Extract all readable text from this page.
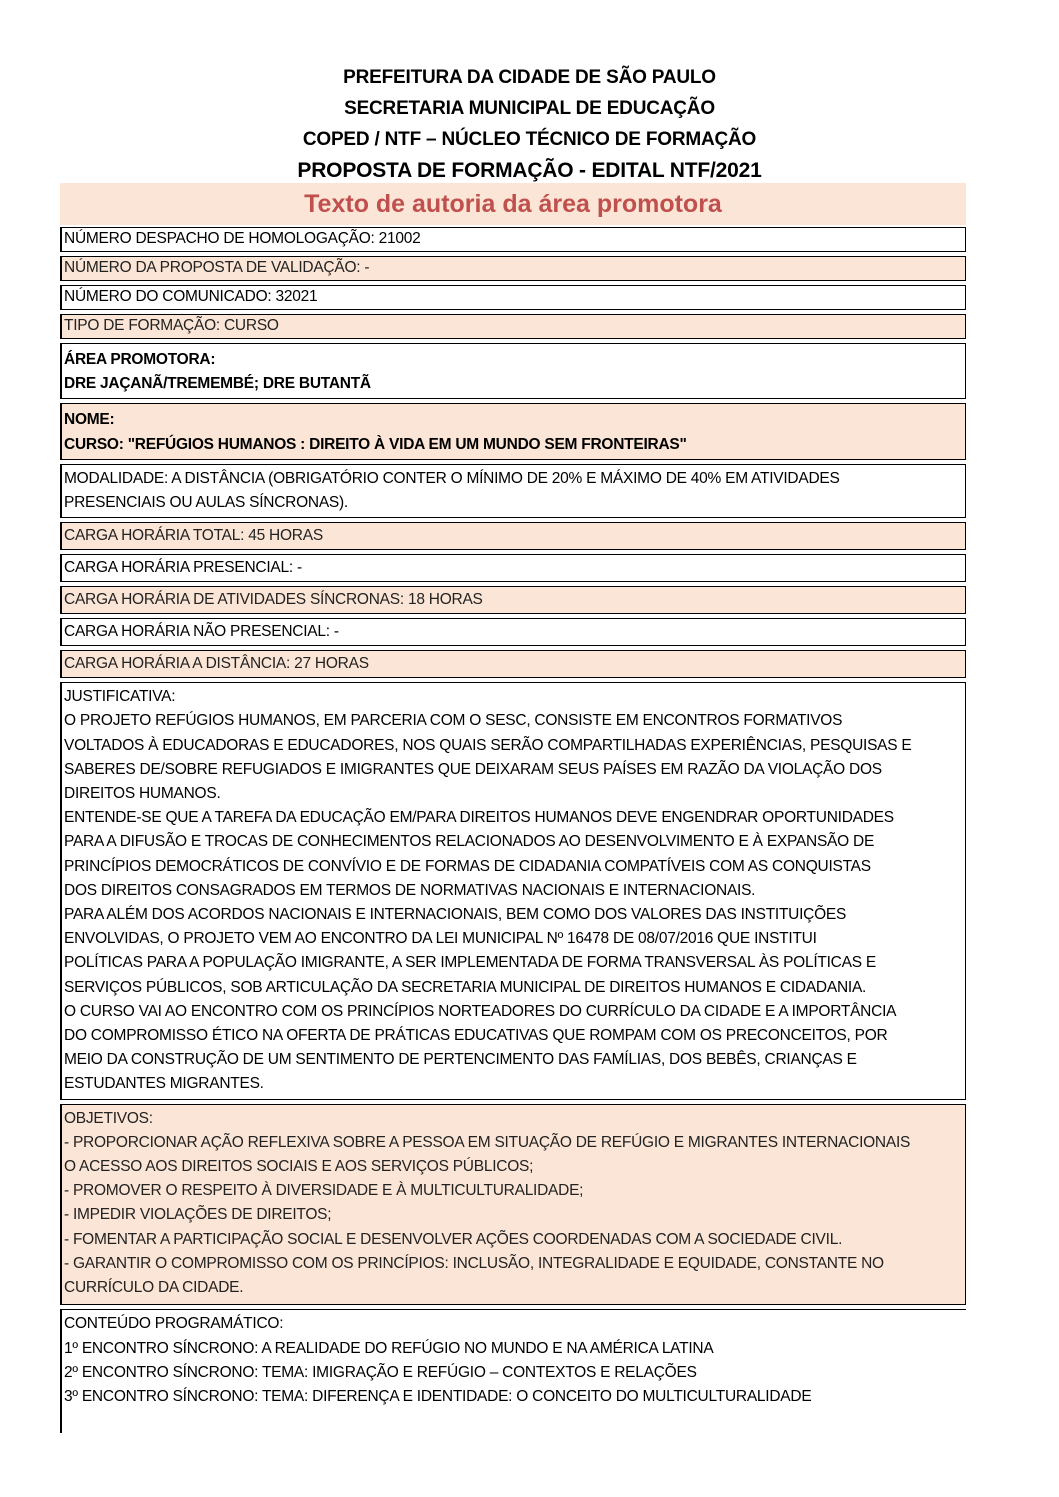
PREFEITURA DA CIDADE DE SÃO PAULO
SECRETARIA MUNICIPAL DE EDUCAÇÃO
COPED / NTF – NÚCLEO TÉCNICO DE FORMAÇÃO
PROPOSTA DE FORMAÇÃO - EDITAL NTF/2021
Texto de autoria da área promotora
NÚMERO DESPACHO DE HOMOLOGAÇÃO: 21002
NÚMERO DA PROPOSTA DE VALIDAÇÃO: -
NÚMERO DO COMUNICADO: 32021
TIPO DE FORMAÇÃO: CURSO
ÁREA PROMOTORA:
DRE JAÇANÃ/TREMEMBÉ; DRE BUTANTÃ
NOME:
CURSO: "REFÚGIOS HUMANOS : DIREITO À VIDA EM UM MUNDO SEM FRONTEIRAS"
MODALIDADE: A DISTÂNCIA (OBRIGATÓRIO CONTER O MÍNIMO DE 20% E MÁXIMO DE 40% EM ATIVIDADES
PRESENCIAIS OU AULAS SÍNCRONAS).
CARGA HORÁRIA TOTAL: 45 HORAS
CARGA HORÁRIA PRESENCIAL: -
CARGA HORÁRIA DE ATIVIDADES SÍNCRONAS: 18 HORAS
CARGA HORÁRIA NÃO PRESENCIAL: -
CARGA HORÁRIA A DISTÂNCIA: 27 HORAS
JUSTIFICATIVA:
O PROJETO REFÚGIOS HUMANOS, EM PARCERIA COM O SESC, CONSISTE EM ENCONTROS FORMATIVOS
VOLTADOS À EDUCADORAS E EDUCADORES, NOS QUAIS SERÃO COMPARTILHADAS EXPERIÊNCIAS, PESQUISAS E
SABERES DE/SOBRE REFUGIADOS E IMIGRANTES QUE DEIXARAM SEUS PAÍSES EM RAZÃO DA VIOLAÇÃO DOS
DIREITOS HUMANOS.
ENTENDE-SE QUE A TAREFA DA EDUCAÇÃO EM/PARA DIREITOS HUMANOS DEVE ENGENDRAR OPORTUNIDADES
PARA A DIFUSÃO E TROCAS DE CONHECIMENTOS RELACIONADOS AO DESENVOLVIMENTO E À EXPANSÃO DE
PRINCÍPIOS DEMOCRÁTICOS DE CONVÍVIO E DE FORMAS DE CIDADANIA COMPATÍVEIS COM AS CONQUISTAS
DOS DIREITOS CONSAGRADOS EM TERMOS DE NORMATIVAS NACIONAIS E INTERNACIONAIS.
PARA ALÉM DOS ACORDOS NACIONAIS E INTERNACIONAIS, BEM COMO DOS VALORES DAS INSTITUIÇÕES
ENVOLVIDAS, O PROJETO VEM AO ENCONTRO DA LEI MUNICIPAL Nº 16478 DE 08/07/2016 QUE INSTITUI
POLÍTICAS PARA A POPULAÇÃO IMIGRANTE, A SER IMPLEMENTADA DE FORMA TRANSVERSAL ÀS POLÍTICAS E
SERVIÇOS PÚBLICOS, SOB ARTICULAÇÃO DA SECRETARIA MUNICIPAL DE DIREITOS HUMANOS E CIDADANIA.
O CURSO VAI AO ENCONTRO COM OS PRINCÍPIOS NORTEADORES DO CURRÍCULO DA CIDADE E A IMPORTÂNCIA
DO COMPROMISSO ÉTICO NA OFERTA DE PRÁTICAS EDUCATIVAS QUE ROMPAM COM OS PRECONCEITOS, POR
MEIO DA CONSTRUÇÃO DE UM SENTIMENTO DE PERTENCIMENTO DAS FAMÍLIAS, DOS BEBÊS, CRIANÇAS E
ESTUDANTES MIGRANTES.
OBJETIVOS:
- PROPORCIONAR AÇÃO REFLEXIVA SOBRE A PESSOA EM SITUAÇÃO DE REFÚGIO E MIGRANTES INTERNACIONAIS
O ACESSO AOS DIREITOS SOCIAIS E AOS SERVIÇOS PÚBLICOS;
- PROMOVER O RESPEITO À DIVERSIDADE E À MULTICULTURALIDADE;
- IMPEDIR VIOLAÇÕES DE DIREITOS;
- FOMENTAR A PARTICIPAÇÃO SOCIAL E DESENVOLVER AÇÕES COORDENADAS COM A SOCIEDADE CIVIL.
- GARANTIR O COMPROMISSO COM OS PRINCÍPIOS: INCLUSÃO, INTEGRALIDADE E EQUIDADE, CONSTANTE NO
CURRÍCULO DA CIDADE.
CONTEÚDO PROGRAMÁTICO:
1º ENCONTRO SÍNCRONO: A REALIDADE DO REFÚGIO NO MUNDO E NA AMÉRICA LATINA
2º ENCONTRO SÍNCRONO: TEMA: IMIGRAÇÃO E REFÚGIO – CONTEXTOS E RELAÇÕES
3º ENCONTRO SÍNCRONO: TEMA: DIFERENÇA E IDENTIDADE: O CONCEITO DO MULTICULTURALIDADE
